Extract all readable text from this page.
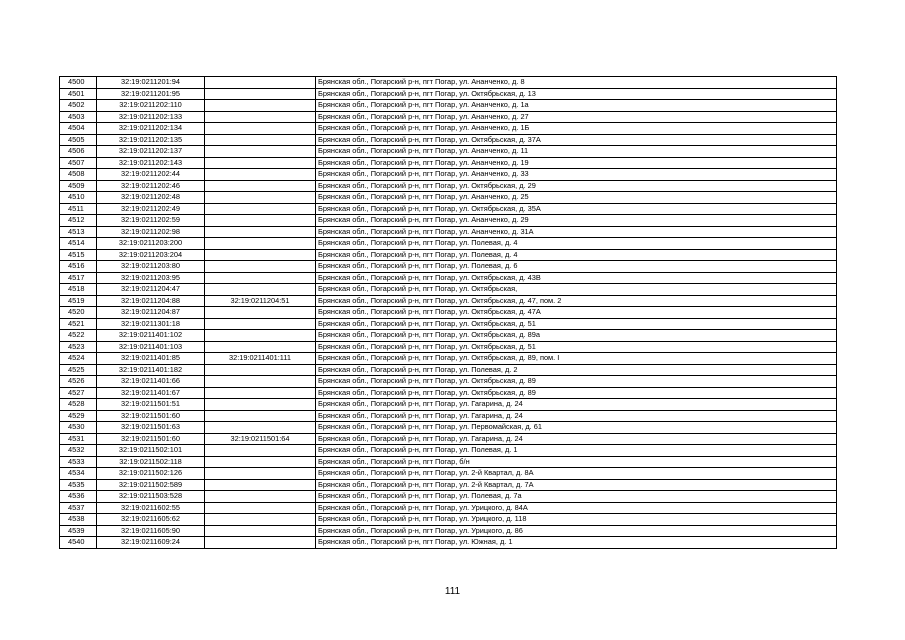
4500	32:19:0211201:94		Брянская обл., Погарский р-н, пгт Погар, ул. Ананченко, д. 8
4501	32:19:0211201:95		Брянская обл., Погарский р-н, пгт Погар, ул. Октябрьская, д. 13
4502	32:19:0211202:110		Брянская обл., Погарский р-н, пгт Погар, ул. Ананченко, д. 1а
4503	32:19:0211202:133		Брянская обл., Погарский р-н, пгт Погар, ул. Ананченко, д. 27
4504	32:19:0211202:134		Брянская обл., Погарский р-н, пгт Погар, ул. Ананченко, д. 1Б
4505	32:19:0211202:135		Брянская обл., Погарский р-н, пгт Погар, ул. Октябрьская, д. 37А
4506	32:19:0211202:137		Брянская обл., Погарский р-н, пгт Погар, ул. Ананченко, д. 11
4507	32:19:0211202:143		Брянская обл., Погарский р-н, пгт Погар, ул. Ананченко, д. 19
4508	32:19:0211202:44		Брянская обл., Погарский р-н, пгт Погар, ул. Ананченко, д. 33
4509	32:19:0211202:46		Брянская обл., Погарский р-н, пгт Погар, ул. Октябрьская, д. 29
4510	32:19:0211202:48		Брянская обл., Погарский р-н, пгт Погар, ул. Ананченко, д. 25
4511	32:19:0211202:49		Брянская обл., Погарский р-н, пгт Погар, ул. Октябрьская, д. 35А
4512	32:19:0211202:59		Брянская обл., Погарский р-н, пгт Погар, ул. Ананченко, д. 29
4513	32:19:0211202:98		Брянская обл., Погарский р-н, пгт Погар, ул. Ананченко, д. 31А
4514	32:19:0211203:200		Брянская обл., Погарский р-н, пгт Погар, ул. Полевая, д. 4
4515	32:19:0211203:204		Брянская обл., Погарский р-н, пгт Погар, ул. Полевая, д. 4
4516	32:19:0211203:80		Брянская обл., Погарский р-н, пгт Погар, ул. Полевая, д. 6
4517	32:19:0211203:95		Брянская обл., Погарский р-н, пгт Погар, ул. Октябрьская, д. 43В
4518	32:19:0211204:47		Брянская обл., Погарский р-н, пгт Погар, ул. Октябрьская,
4519	32:19:0211204:88	32:19:0211204:51	Брянская обл., Погарский р-н, пгт Погар, ул. Октябрьская, д. 47, пом. 2
4520	32:19:0211204:87		Брянская обл., Погарский р-н, пгт Погар, ул. Октябрьская, д. 47А
4521	32:19:0211301:18		Брянская обл., Погарский р-н, пгт Погар, ул. Октябрьская, д. 51
4522	32:19:0211401:102		Брянская обл., Погарский р-н, пгт Погар, ул. Октябрьская, д. 89а
4523	32:19:0211401:103		Брянская обл., Погарский р-н, пгт Погар, ул. Октябрьская, д. 51
4524	32:19:0211401:85	32:19:0211401:111	Брянская обл., Погарский р-н, пгт Погар, ул. Октябрьская, д. 89, пом. I
4525	32:19:0211401:182		Брянская обл., Погарский р-н, пгт Погар, ул. Полевая, д. 2
4526	32:19:0211401:66		Брянская обл., Погарский р-н, пгт Погар, ул. Октябрьская, д. 89
4527	32:19:0211401:67		Брянская обл., Погарский р-н, пгт Погар, ул. Октябрьская, д. 89
4528	32:19:0211501:51		Брянская обл., Погарский р-н, пгт Погар, ул. Гагарина, д. 24
4529	32:19:0211501:60		Брянская обл., Погарский р-н, пгт Погар, ул. Гагарина, д. 24
4530	32:19:0211501:63		Брянская обл., Погарский р-н, пгт Погар, ул. Первомайская, д. 61
4531	32:19:0211501:60	32:19:0211501:64	Брянская обл., Погарский р-н, пгт Погар, ул. Гагарина, д. 24
4532	32:19:0211502:101		Брянская обл., Погарский р-н, пгт Погар, ул. Полевая, д. 1
4533	32:19:0211502:118		Брянская обл., Погарский р-н, пгт Погар, б/н
4534	32:19:0211502:126		Брянская обл., Погарский р-н, пгт Погар, ул. 2-й Квартал, д. 8А
4535	32:19:0211502:589		Брянская обл., Погарский р-н, пгт Погар, ул. 2-й Квартал, д. 7А
4536	32:19:0211503:528		Брянская обл., Погарский р-н, пгт Погар, ул. Полевая, д. 7а
4537	32:19:0211602:55		Брянская обл., Погарский р-н, пгт Погар, ул. Урицкого, д. 84А
4538	32:19:0211605:62		Брянская обл., Погарский р-н, пгт Погар, ул. Урицкого, д. 118
4539	32:19:0211605:90		Брянская обл., Погарский р-н, пгт Погар, ул. Урицкого, д. 86
4540	32:19:0211609:24		Брянская обл., Погарский р-н, пгт Погар, ул. Южная, д. 1
111
